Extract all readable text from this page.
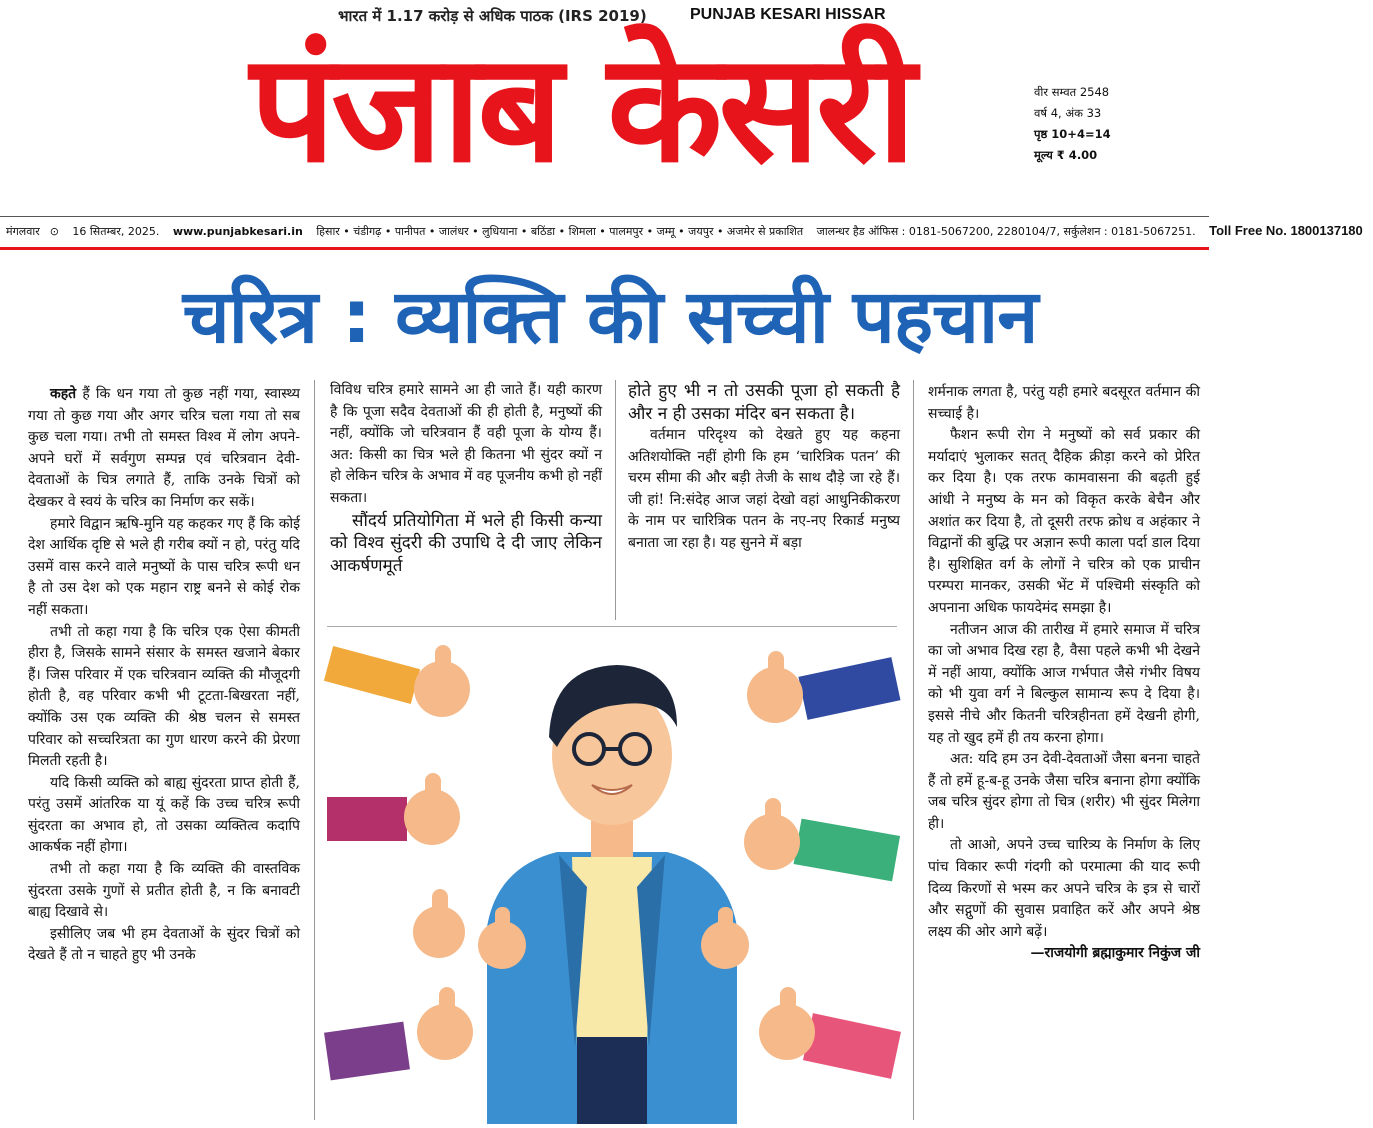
भारत में 1.17 करोड़ से अधिक पाठक (IRS 2019)	PUNJAB KESARI HISSAR
पंजाब केसरी	वीर सम्वत 2548
वर्ष 4, अंक 33
पृष्ठ 10+4=14
मूल्य ₹ 4.00
मंगलवार ⊙ 16 सितम्बर, 2025. www.punjabkesari.in हिसार • चंडीगढ़ • पानीपत • जालंधर • लुधियाना • बठिंडा • शिमला • पालमपुर • जम्मू • जयपुर • अजमेर से प्रकाशित जालन्धर हैड ऑफिस : 0181-5067200, 2280104/7, सर्कुलेशन : 0181-5067251. Toll Free No. 1800137180
चरित्र : व्यक्ति की सच्ची पहचान

कहते हैं कि धन गया तो कुछ नहीं गया, स्वास्थ्य गया तो कुछ गया और अगर चरित्र चला गया तो सब कुछ चला गया। तभी तो समस्त विश्व में लोग अपने-अपने घरों में सर्वगुण सम्पन्न एवं चरित्रवान देवी-देवताओं के चित्र लगाते हैं, ताकि उनके चित्रों को देखकर वे स्वयं के चरित्र का निर्माण कर सकें।

हमारे विद्वान ऋषि-मुनि यह कहकर गए हैं कि कोई देश आर्थिक दृष्टि से भले ही गरीब क्यों न हो, परंतु यदि उसमें वास करने वाले मनुष्यों के पास चरित्र रूपी धन है तो उस देश को एक महान राष्ट्र बनने से कोई रोक नहीं सकता।

तभी तो कहा गया है कि चरित्र एक ऐसा कीमती हीरा है, जिसके सामने संसार के समस्त खजाने बेकार हैं। जिस परिवार में एक चरित्रवान व्यक्ति की मौजूदगी होती है, वह परिवार कभी भी टूटता-बिखरता नहीं, क्योंकि उस एक व्यक्ति की श्रेष्ठ चलन से समस्त परिवार को सच्चरित्रता का गुण धारण करने की प्रेरणा मिलती रहती है।

यदि किसी व्यक्ति को बाह्य सुंदरता प्राप्त होती हैं, परंतु उसमें आंतरिक या यूं कहें कि उच्च चरित्र रूपी सुंदरता का अभाव हो, तो उसका व्यक्तित्व कदापि आकर्षक नहीं होगा।

तभी तो कहा गया है कि व्यक्ति की वास्तविक सुंदरता उसके गुणों से प्रतीत होती है, न कि बनावटी बाह्य दिखावे से।

इसीलिए जब भी हम देवताओं के सुंदर चित्रों को देखते हैं तो न चाहते हुए भी उनके

विविध चरित्र हमारे सामने आ ही जाते हैं। यही कारण है कि पूजा सदैव देवताओं की ही होती है, मनुष्यों की नहीं, क्योंकि जो चरित्रवान हैं वही पूजा के योग्य हैं। अत: किसी का चित्र भले ही कितना भी सुंदर क्यों न हो लेकिन चरित्र के अभाव में वह पूजनीय कभी हो नहीं सकता।

सौंदर्य प्रतियोगिता में भले ही किसी कन्या को विश्व सुंदरी की उपाधि दे दी जाए लेकिन आकर्षणमूर्त

होते हुए भी न तो उसकी पूजा हो सकती है और न ही उसका मंदिर बन सकता है।

वर्तमान परिदृश्य को देखते हुए यह कहना अतिशयोक्ति नहीं होगी कि हम ‘चारित्रिक पतन’ की चरम सीमा की और बड़ी तेजी के साथ दौड़े जा रहे हैं। जी हां! नि:संदेह आज जहां देखो वहां आधुनिकीकरण के नाम पर चारित्रिक पतन के नए-नए रिकार्ड मनुष्य बनाता जा रहा है। यह सुनने में बड़ा

शर्मनाक लगता है, परंतु यही हमारे बदसूरत वर्तमान की सच्चाई है।

फैशन रूपी रोग ने मनुष्यों को सर्व प्रकार की मर्यादाएं भुलाकर सतत् दैहिक क्रीड़ा करने को प्रेरित कर दिया है। एक तरफ कामवासना की बढ़ती हुई आंधी ने मनुष्य के मन को विकृत करके बेचैन और अशांत कर दिया है, तो दूसरी तरफ क्रोध व अहंकार ने विद्वानों की बुद्धि पर अज्ञान रूपी काला पर्दा डाल दिया है। सुशिक्षित वर्ग के लोगों ने चरित्र को एक प्राचीन परम्परा मानकर, उसकी भेंट में पश्चिमी संस्कृति को अपनाना अधिक फायदेमंद समझा है।

नतीजन आज की तारीख में हमारे समाज में चरित्र का जो अभाव दिख रहा है, वैसा पहले कभी भी देखने में नहीं आया, क्योंकि आज गर्भपात जैसे गंभीर विषय को भी युवा वर्ग ने बिल्कुल सामान्य रूप दे दिया है। इससे नीचे और कितनी चरित्रहीनता हमें देखनी होगी, यह तो खुद हमें ही तय करना होगा।

अत: यदि हम उन देवी-देवताओं जैसा बनना चाहते हैं तो हमें हू-ब-हू उनके जैसा चरित्र बनाना होगा क्योंकि जब चरित्र सुंदर होगा तो चित्र (शरीर) भी सुंदर मिलेगा ही।

तो आओ, अपने उच्च चारित्र्य के निर्माण के लिए पांच विकार रूपी गंदगी को परमात्मा की याद रूपी दिव्य किरणों से भस्म कर अपने चरित्र के इत्र से चारों और सद्गुणों की सुवास प्रवाहित करें और अपने श्रेष्ठ लक्ष्य की ओर आगे बढ़ें।

—राजयोगी ब्रह्माकुमार निकुंज जी
